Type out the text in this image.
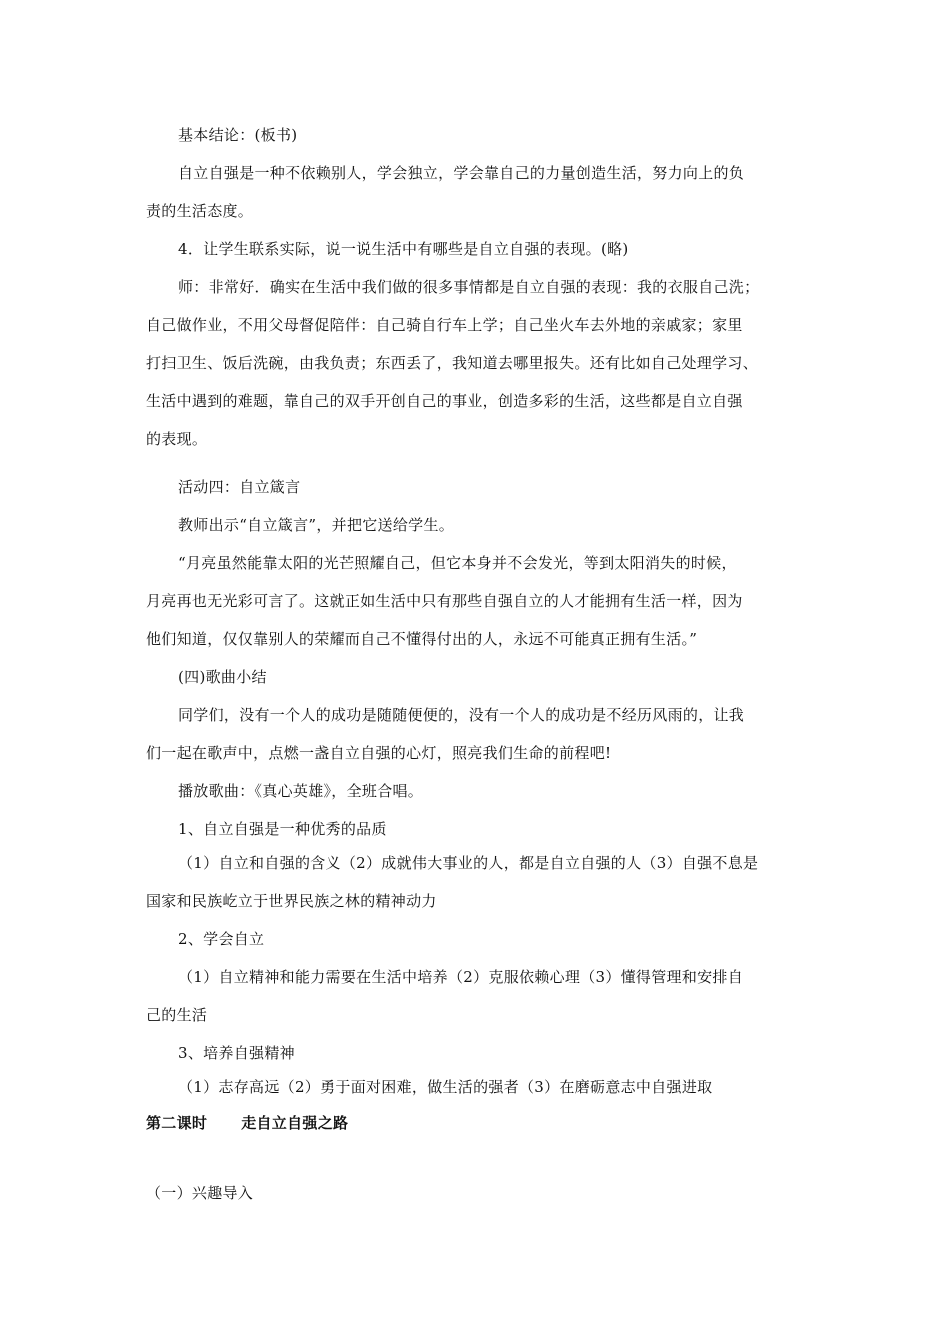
基本结论：(板书)
自立自强是一种不依赖别人，学会独立，学会靠自己的力量创造生活，努力向上的负
责的生活态度。
4．让学生联系实际，说一说生活中有哪些是自立自强的表现。(略)
师：非常好．确实在生活中我们做的很多事情都是自立自强的表现：我的衣服自己洗；
自己做作业，不用父母督促陪伴：自己骑自行车上学；自己坐火车去外地的亲戚家；家里
打扫卫生、饭后洗碗，由我负责；东西丢了，我知道去哪里报失。还有比如自己处理学习、
生活中遇到的难题，靠自己的双手开创自己的事业，创造多彩的生活，这些都是自立自强
的表现。
活动四：自立箴言
教师出示“自立箴言”，并把它送给学生。
“月亮虽然能靠太阳的光芒照耀自己，但它本身并不会发光，等到太阳消失的时候，
月亮再也无光彩可言了。这就正如生活中只有那些自强自立的人才能拥有生活一样，因为
他们知道，仅仅靠别人的荣耀而自己不懂得付出的人，永远不可能真正拥有生活。”
(四)歌曲小结
同学们，没有一个人的成功是随随便便的，没有一个人的成功是不经历风雨的，让我
们一起在歌声中，点燃一盏自立自强的心灯，照亮我们生命的前程吧!
播放歌曲：《真心英雄》，全班合唱。
1、自立自强是一种优秀的品质
（1）自立和自强的含义（2）成就伟大事业的人，都是自立自强的人（3）自强不息是
国家和民族屹立于世界民族之林的精神动力
2、学会自立
（1）自立精神和能力需要在生活中培养（2）克服依赖心理（3）懂得管理和安排自
己的生活
3、培养自强精神
（1）志存高远（2）勇于面对困难，做生活的强者（3）在磨砺意志中自强进取
第二课时 走自立自强之路
（一）兴趣导入
